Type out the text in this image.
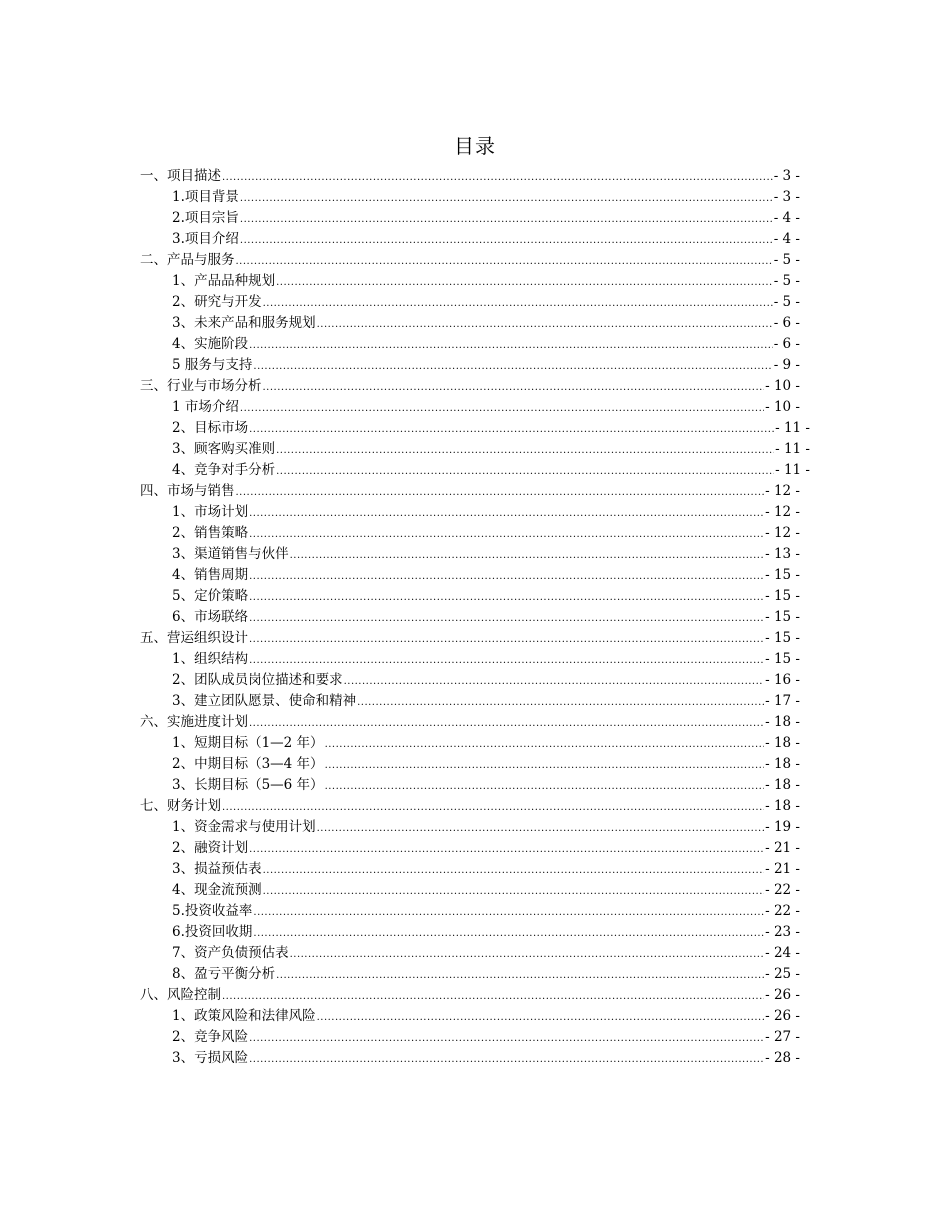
目录
一、项目描述 .....	- 3 -
1.项目背景 .....	- 3 -
2.项目宗旨 .....	- 4 -
3.项目介绍 .....	- 4 -
二、产品与服务 .....	- 5 -
1、产品品种规划 .....	- 5 -
2、研究与开发 .....	- 5 -
3、未来产品和服务规划 .....	- 6 -
4、实施阶段 .....	- 6 -
5 服务与支持 .....	- 9 -
三、行业与市场分析 .....	- 10 -
1 市场介绍 .....	- 10 -
2、目标市场 .....	- 11 -
3、顾客购买准则 .....	- 11 -
4、竞争对手分析 .....	- 11 -
四、市场与销售 .....	- 12 -
1、市场计划 .....	- 12 -
2、销售策略 .....	- 12 -
3、渠道销售与伙伴 .....	- 13 -
4、销售周期 .....	- 15 -
5、定价策略 .....	- 15 -
6、市场联络 .....	- 15 -
五、营运组织设计 .....	- 15 -
1、组织结构 .....	- 15 -
2、团队成员岗位描述和要求 .....	- 16 -
3、建立团队愿景、使命和精神 .....	- 17 -
六、实施进度计划 .....	- 18 -
1、短期目标（1—2 年） .....	- 18 -
2、中期目标（3—4 年） .....	- 18 -
3、长期目标（5—6 年） .....	- 18 -
七、财务计划 .....	- 18 -
1、资金需求与使用计划 .....	- 19 -
2、融资计划 .....	- 21 -
3、损益预估表 .....	- 21 -
4、现金流预测 .....	- 22 -
5.投资收益率 .....	- 22 -
6.投资回收期 .....	- 23 -
7、资产负债预估表 .....	- 24 -
8、盈亏平衡分析 .....	- 25 -
八、风险控制 .....	- 26 -
1、政策风险和法律风险 .....	- 26 -
2、竞争风险 .....	- 27 -
3、亏损风险 .....	- 28 -
